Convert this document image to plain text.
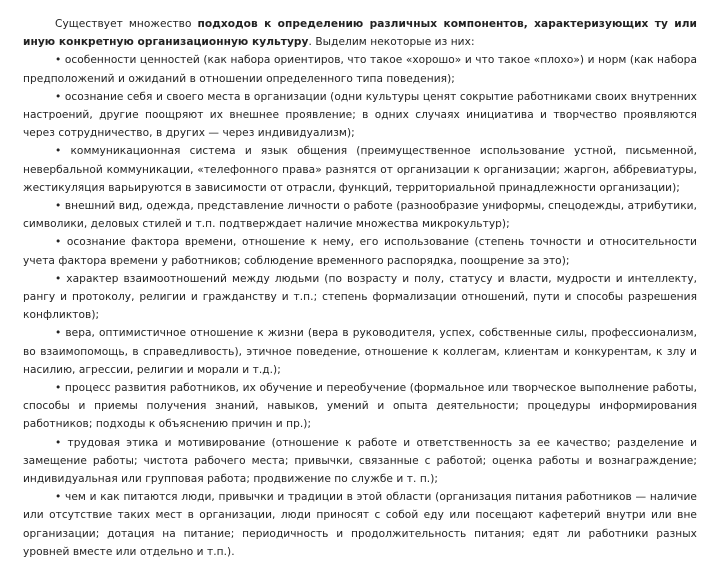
Существует множество подходов к определению различных компонентов, характеризующих ту или иную конкретную организационную культуру. Выделим некоторые из них:

• особенности ценностей (как набора ориентиров, что такое «хорошо» и что такое «плохо») и норм (как набора предположений и ожиданий в отношении определенного типа поведения);

• осознание себя и своего места в организации (одни культуры ценят сокрытие работниками своих внутренних настроений, другие поощряют их внешнее проявление; в одних случаях инициатива и творчество проявляются через сотрудничество, в других — через индивидуализм);

• коммуникационная система и язык общения (преимущественное использование устной, письменной, невербальной коммуникации, «телефонного права» разнятся от организации к организации; жаргон, аббревиатуры, жестикуляция варьируются в зависимости от отрасли, функций, территориальной принадлежности организации);

• внешний вид, одежда, представление личности о работе (разнообразие униформы, спецодежды, атрибутики, символики, деловых стилей и т.п. подтверждает наличие множества микрокультур);

• осознание фактора времени, отношение к нему, его использование (степень точности и относительности учета фактора времени у работников; соблюдение временного распорядка, поощрение за это);

• характер взаимоотношений между людьми (по возрасту и полу, статусу и власти, мудрости и интеллекту, рангу и протоколу, религии и гражданству и т.п.; степень формализации отношений, пути и способы разрешения конфликтов);

• вера, оптимистичное отношение к жизни (вера в руководителя, успех, собственные силы, профессионализм, во взаимопомощь, в справедливость), этичное поведение, отношение к коллегам, клиентам и конкурентам, к злу и насилию, агрессии, религии и морали и т.д.);

• процесс развития работников, их обучение и переобучение (формальное или творческое выполнение работы, способы и приемы получения знаний, навыков, умений и опыта деятельности; процедуры информирования работников; подходы к объяснению причин и пр.);

• трудовая этика и мотивирование (отношение к работе и ответственность за ее качество; разделение и замещение работы; чистота рабочего места; привычки, связанные с работой; оценка работы и вознаграждение; индивидуальная или групповая работа; продвижение по службе и т. п.);

• чем и как питаются люди, привычки и традиции в этой области (организация питания работников — наличие или отсутствие таких мест в организации, люди приносят с собой еду или посещают кафетерий внутри или вне организации; дотация на питание; периодичность и продолжительность питания; едят ли работники разных уровней вместе или отдельно и т.п.).
